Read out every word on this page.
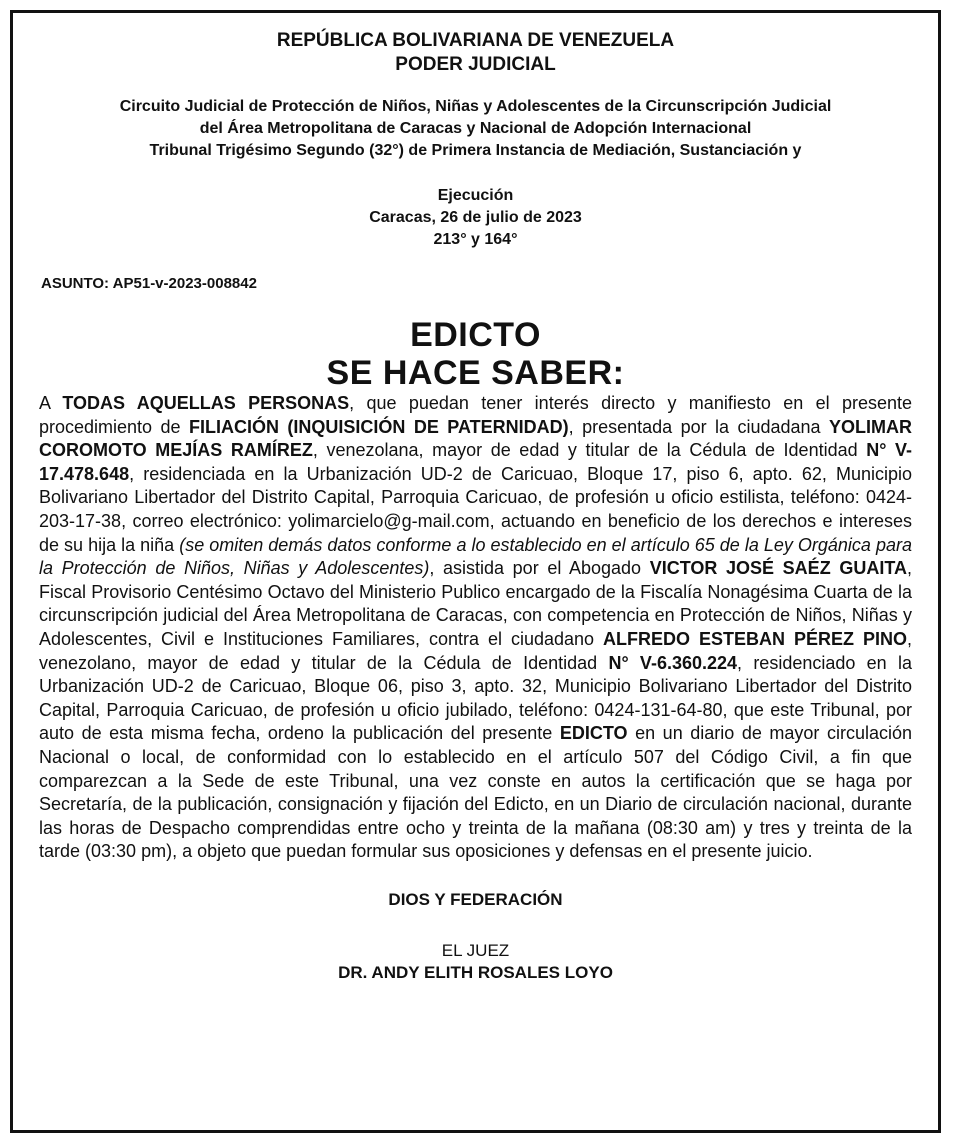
REPÚBLICA BOLIVARIANA DE VENEZUELA
PODER JUDICIAL
Circuito Judicial de Protección de Niños, Niñas y Adolescentes de la Circunscripción Judicial
del Área Metropolitana de Caracas y Nacional de Adopción Internacional
Tribunal Trigésimo Segundo (32°) de Primera Instancia de Mediación, Sustanciación y
Ejecución
Caracas, 26 de julio de 2023
213° y 164°
ASUNTO: AP51-v-2023-008842
EDICTO
SE HACE SABER:
A TODAS AQUELLAS PERSONAS, que puedan tener interés directo y manifiesto en el presente procedimiento de FILIACIÓN (INQUISICIÓN DE PATERNIDAD), presentada por la ciudadana YOLIMAR COROMOTO MEJÍAS RAMÍREZ, venezolana, mayor de edad y titular de la Cédula de Identidad N° V-17.478.648, residenciada en la Urbanización UD-2 de Caricuao, Bloque 17, piso 6, apto. 62, Municipio Bolivariano Libertador del Distrito Capital, Parroquia Caricuao, de profesión u oficio estilista, teléfono: 0424-203-17-38, correo electrónico: yolimarcielo@g-mail.com, actuando en beneficio de los derechos e intereses de su hija la niña (se omiten demás datos conforme a lo establecido en el artículo 65 de la Ley Orgánica para la Protección de Niños, Niñas y Adolescentes), asistida por el Abogado VICTOR JOSÉ SAÉZ GUAITA, Fiscal Provisorio Centésimo Octavo del Ministerio Publico encargado de la Fiscalía Nonagésima Cuarta de la circunscripción judicial del Área Metropolitana de Caracas, con competencia en Protección de Niños, Niñas y Adolescentes, Civil e Instituciones Familiares, contra el ciudadano ALFREDO ESTEBAN PÉREZ PINO, venezolano, mayor de edad y titular de la Cédula de Identidad N° V-6.360.224, residenciado en la Urbanización UD-2 de Caricuao, Bloque 06, piso 3, apto. 32, Municipio Bolivariano Libertador del Distrito Capital, Parroquia Caricuao, de profesión u oficio jubilado, teléfono: 0424-131-64-80, que este Tribunal, por auto de esta misma fecha, ordeno la publicación del presente EDICTO en un diario de mayor circulación Nacional o local, de conformidad con lo establecido en el artículo 507 del Código Civil, a fin que comparezcan a la Sede de este Tribunal, una vez conste en autos la certificación que se haga por Secretaría, de la publicación, consignación y fijación del Edicto, en un Diario de circulación nacional, durante las horas de Despacho comprendidas entre ocho y treinta de la mañana (08:30 am) y tres y treinta de la tarde (03:30 pm), a objeto que puedan formular sus oposiciones y defensas en el presente juicio.
DIOS Y FEDERACIÓN
EL JUEZ
DR. ANDY ELITH ROSALES LOYO
